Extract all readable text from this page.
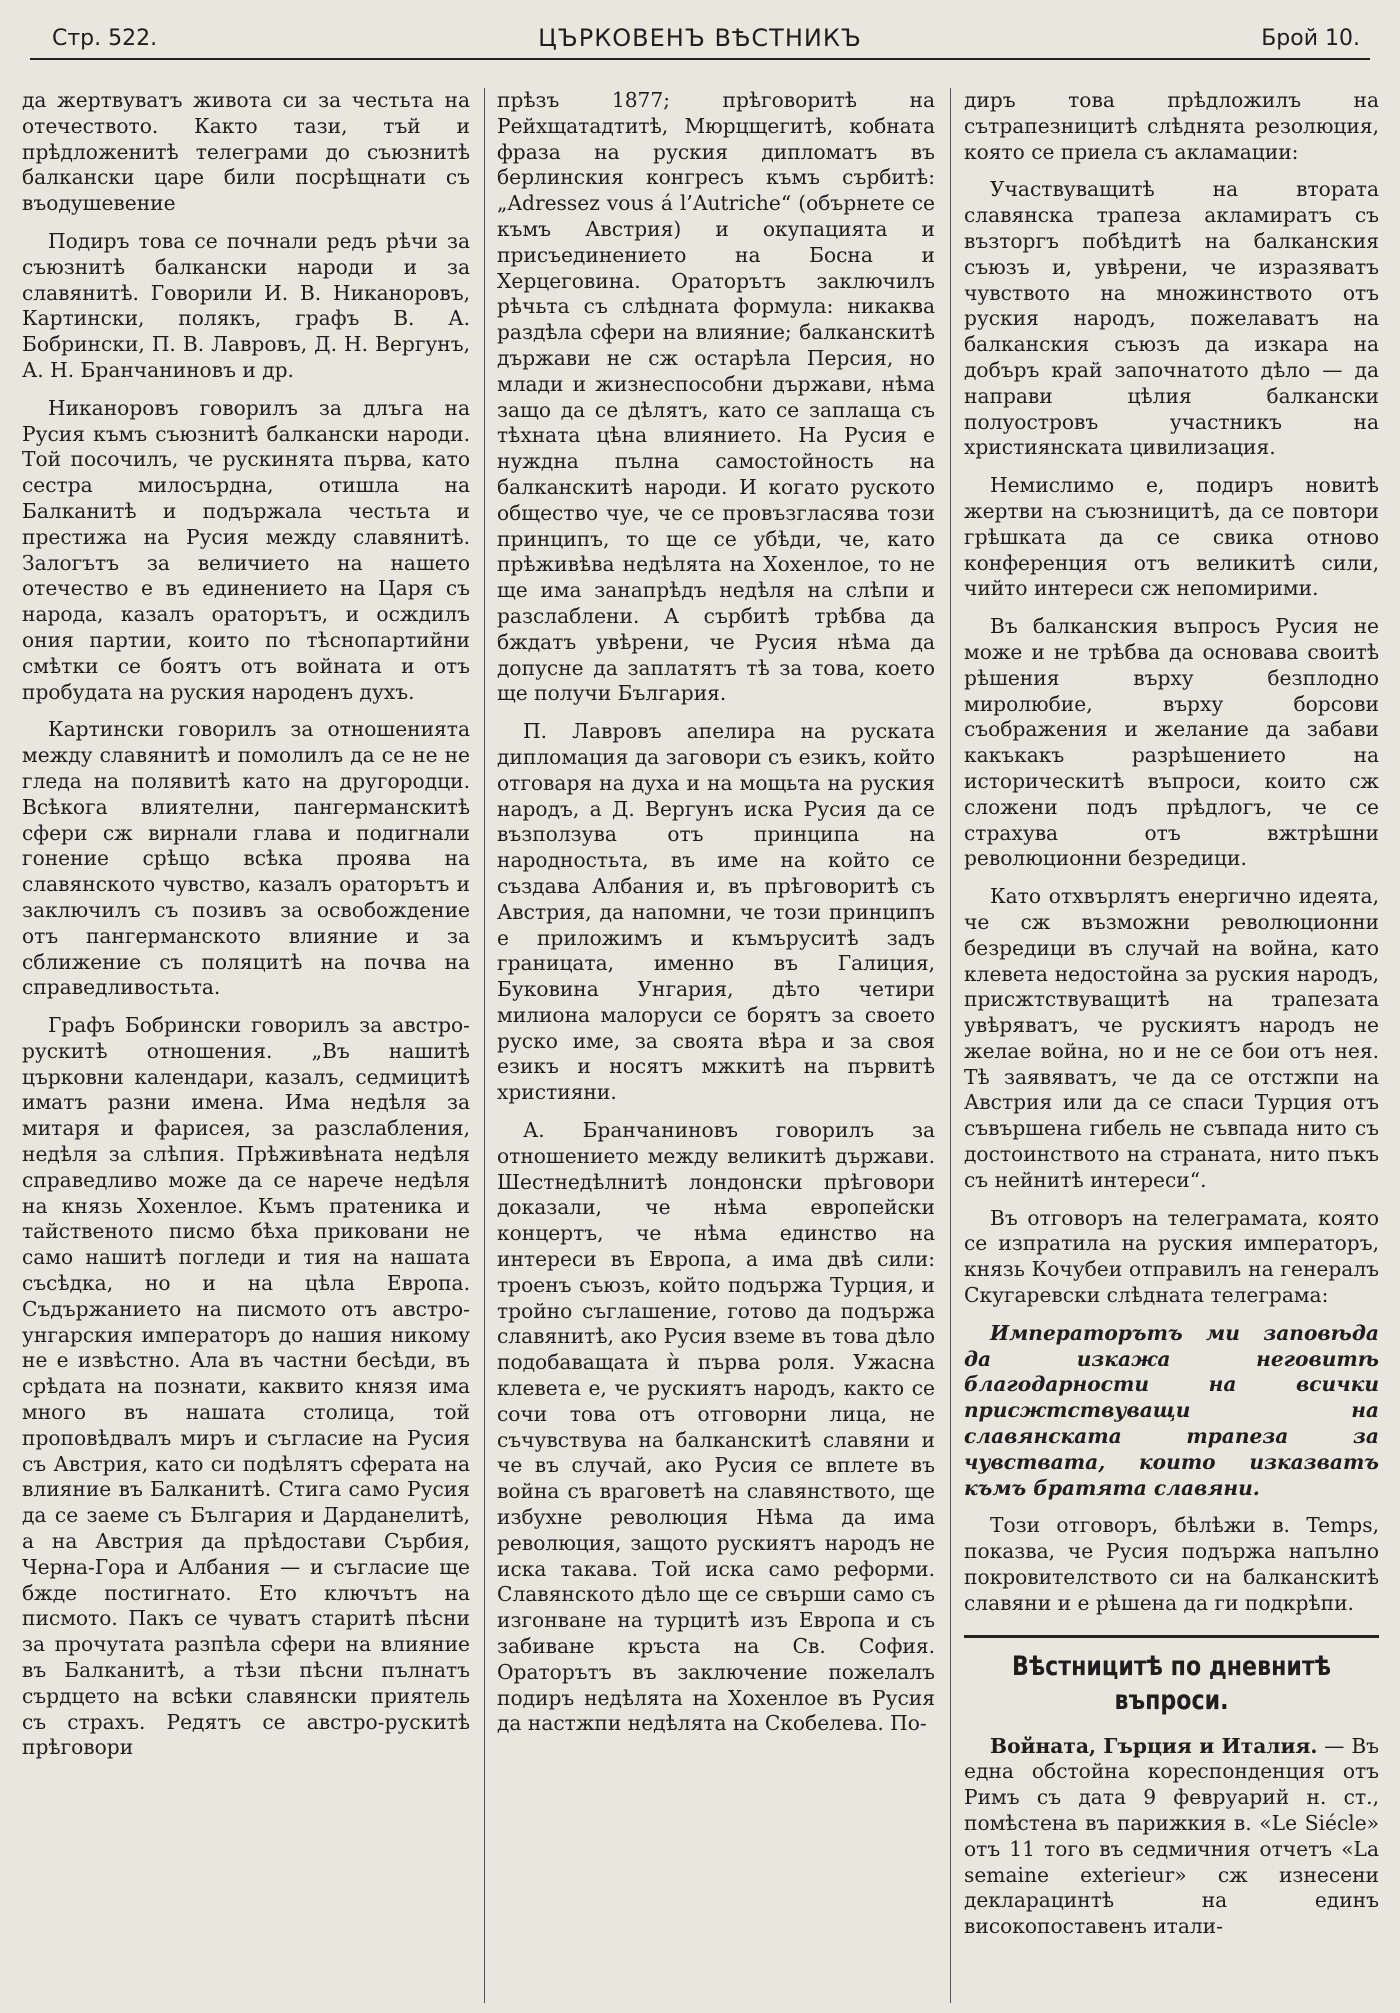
Стр. 522.	ЦЪРКОВЕНЪ ВѢСТНИКЪ	Брой 10.

да жертвуватъ живота си за честьта на отечеството. Както тази, тъй и прѣдложенитѣ телеграми до съюзнитѣ балкански царе били посрѣщнати съ въодушевение

Подиръ това се почнали редъ рѣчи за съюзнитѣ балкански народи и за славянитѣ. Говорили И. В. Никаноровъ, Картински, полякъ, графъ В. А. Бобрински, П. В. Лавровъ, Д. Н. Вергунъ, А. Н. Бранчаниновъ и др.

Никаноровъ говорилъ за длъга на Русия къмъ съюзнитѣ балкански народи. Той посочилъ, че рускинята първа, като сестра милосърдна, отишла на Балканитѣ и подържала честьта и престижа на Русия между славянитѣ. Залогътъ за величието на нашето отечество е въ единението на Царя съ народа, казалъ ораторътъ, и осждилъ ония партии, които по тѣснопартийни смѣтки се боятъ отъ войната и отъ пробудата на руския народенъ духъ.

Картински говорилъ за отношенията между славянитѣ и помолилъ да се не не гледа на полявитѣ като на другородци. Всѣкога влиятелни, пангерманскитѣ сфери сж вирнали глава и подигнали гонение срѣщо всѣка проява на славянското чувство, казалъ ораторътъ и заключилъ съ позивъ за освобождение отъ пангерманското влияние и за сближение съ поляцитѣ на почва на справедливостьта.

Графъ Бобрински говорилъ за австро-рускитѣ отношения. „Въ нашитѣ църковни календари, казалъ, седмицитѣ иматъ разни имена. Има недѣля за митаря и фарисея, за разслабления, недѣля за слѣпия. Прѣживѣната недѣля справедливо може да се нарече недѣля на князь Хохенлое. Къмъ пратеника и тайственото писмо бѣха приковани не само нашитѣ погледи и тия на нашата съсѣдка, но и на цѣла Европа. Съдържанието на писмото отъ австро-унгарския императоръ до нашия никому не е извѣстно. Ала въ частни бесѣди, въ срѣдата на познати, каквито князя има много въ нашата столица, той проповѣдвалъ миръ и съгласие на Русия съ Австрия, като си подѣлятъ сферата на влияние въ Балканитѣ. Стига само Русия да се заеме съ България и Дарданелитѣ, а на Австрия да прѣдостави Сърбия, Черна-Гора и Албания — и съгласие ще бжде постигнато. Ето ключътъ на писмото. Пакъ се чуватъ старитѣ пѣсни за прочутата разпѣла сфери на влияние въ Балканитѣ, а тѣзи пѣсни пълнатъ сърдцето на всѣки славянски приятель съ страхъ. Редятъ се австро-рускитѣ прѣговори

прѣзъ 1877; прѣговоритѣ на Рейхщатадтитѣ, Мюрцщегитѣ, кобната фраза на руския дипломатъ въ берлинския конгресъ къмъ сърбитѣ: „Adressez vous á l’Autriche“ (обърнете се къмъ Австрия) и окупацията и присъединението на Босна и Херцеговина. Ораторътъ заключилъ рѣчьта съ слѣдната формула: никаква раздѣла сфери на влияние; балканскитѣ държави не сж остарѣла Персия, но млади и жизнеспособни държави, нѣма защо да се дѣлятъ, като се заплаща съ тѣхната цѣна влиянието. На Русия е нуждна пълна самостойность на балканскитѣ народи. И когато руското общество чуе, че се провъзгласява този принципъ, то ще се убѣди, че, като прѣживѣва недѣлята на Хохенлое, то не ще има занапрѣдъ недѣля на слѣпи и разслаблени. А сърбитѣ трѣбва да бждатъ увѣрени, че Русия нѣма да допусне да заплатятъ тѣ за това, което ще получи България.

П. Лавровъ апелира на руската дипломация да заговори съ езикъ, който отговаря на духа и на мощьта на руския народъ, а Д. Вергунъ иска Русия да се възползува отъ принципа на народностьта, въ име на който се създава Албания и, въ прѣговоритѣ съ Австрия, да напомни, че този принципъ е приложимъ и къмъруситѣ задъ границата, именно въ Галиция, Буковина Унгария, дѣто четири милиона малоруси се борятъ за своето руско име, за своята вѣра и за своя езикъ и носятъ мжкитѣ на първитѣ християни.

А. Бранчаниновъ говорилъ за отношението между великитѣ държави. Шестнедѣлнитѣ лондонски прѣговори доказали, че нѣма европейски концертъ, че нѣма единство на интереси въ Европа, а има двѣ сили: троенъ съюзъ, който подържа Турция, и тройно съглашение, готово да подържа славянитѣ, ако Русия вземе въ това дѣло подобаващата ѝ първа роля. Ужасна клевета е, че рускиятъ народъ, както се сочи това отъ отговорни лица, не съчувствува на балканскитѣ славяни и че въ случай, ако Русия се вплете въ война съ враговетѣ на славянството, ще избухне революция Нѣма да има революция, защото рускиятъ народъ не иска такава. Той иска само реформи. Славянското дѣло ще се свърши само съ изгонване на турцитѣ изъ Европа и съ забиване кръста на Св. София. Ораторътъ въ заключение пожелалъ подиръ недѣлята на Хохенлое въ Русия да настжпи недѣлята на Скобелева. По-

диръ това прѣдложилъ на сътрапезницитѣ слѣднята резолюция, която се приела съ акламации:

Участвуващитѣ на втората славянска трапеза акламиратъ съ възторгъ побѣдитѣ на балканския съюзъ и, увѣрени, че изразяватъ чувството на множинството отъ руския народъ, пожелаватъ на балканския съюзъ да изкара на добъръ край започнатото дѣло — да направи цѣлия балкански полуостровъ участникъ на християнската цивилизация.

Немислимо е, подиръ новитѣ жертви на съюзницитѣ, да се повтори грѣшката да се свика отново конференция отъ великитѣ сили, чийто интереси сж непомирими.

Въ балканския въпросъ Русия не може и не трѣбва да основава своитѣ рѣшения върху безплодно миролюбие, върху борсови съображения и желание да забави какъкакъ разрѣшението на историческитѣ въпроси, които сж сложени подъ прѣдлогъ, че се страхува отъ вжтрѣшни революционни безредици.

Като отхвърлятъ енергично идеята, че сж възможни революционни безредици въ случай на война, като клевета недостойна за руския народъ, присжтствуващитѣ на трапезата увѣряватъ, че рускиятъ народъ не желае война, но и не се бои отъ нея. Тѣ заявяватъ, че да се отстжпи на Австрия или да се спаси Турция отъ съвършена гибель не съвпада нито съ достоинството на страната, нито пъкъ съ нейнитѣ интереси“.

Въ отговоръ на телеграмата, която се изпратила на руския императоръ, князь Кочубеи отправилъ на генералъ Скугаревски слѣдната телеграма:

Императорътъ ми заповѣда да изкажа неговитѣ благодарности на всички присжтствуващи на славянската трапеза за чувствата, които изказватъ къмъ братята славяни.

Този отговоръ, бѣлѣжи в. Temps, показва, че Русия подържа напълно покровителството си на балканскитѣ славяни и е рѣшена да ги подкрѣпи.

Вѣстницитѣ по дневнитѣ въпроси.

Войната, Гърция и Италия. — Въ една обстойна кореспонденция отъ Римъ съ дата 9 февруарий н. ст., помѣстена въ парижкия в. «Le Siécle» отъ 11 того въ седмичния отчетъ «La semaine exterieur» сж изнесени декларацинтѣ на единъ високопоставенъ итали-
